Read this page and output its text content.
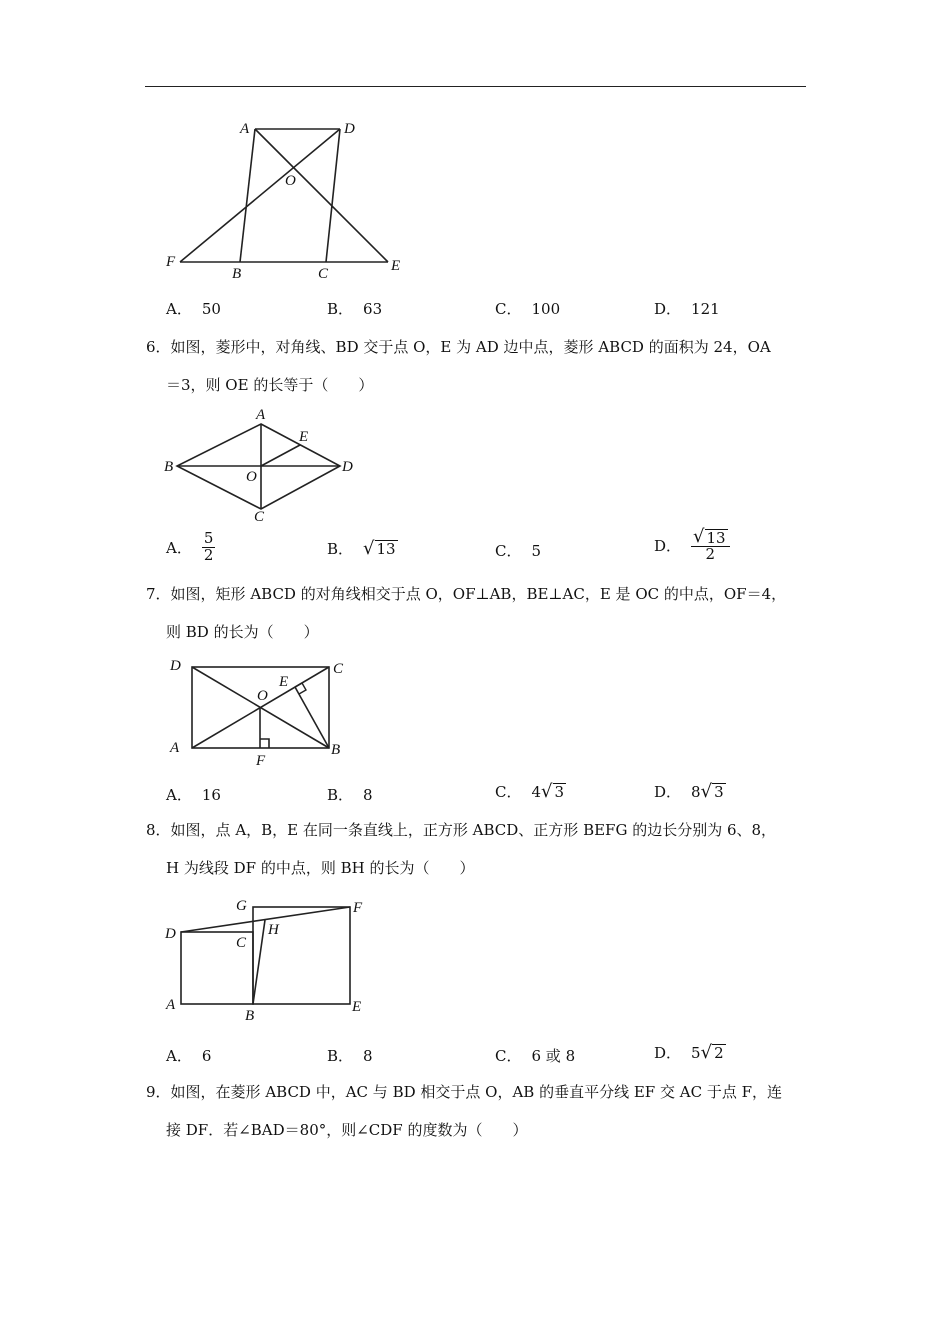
A	D
O
F
B	C	E
A． 50	B． 63	C． 100	D． 121
6．如图，菱形中，对角线、BD 交于点 O，E 为 AD 边中点，菱形 ABCD 的面积为 24，OA
＝3，则 OE 的长等于（　　）
A
E
B
O
D
C
A． $\frac{5}{2}$	B． √ 13	C． 5	D． $\frac{√ 13}{2}$
7．如图，矩形 ABCD 的对角线相交于点 O，OF⊥AB，BE⊥AC，E 是 OC 的中点，OF＝4，
则 BD 的长为（　　）
D	C
O
E
A	B
F
A． 16	B． 8	C． 4 √ 3	D． 8 √ 3
8．如图，点 A，B，E 在同一条直线上，正方形 ABCD、正方形 BEFG 的边长分别为 6、8，
H 为线段 DF 的中点，则 BH 的长为（　　）
G	F
D
C
H
A
B
E
A． 6	B． 8	C． 6 或 8	D． 5 √ 2
9．如图，在菱形 ABCD 中，AC 与 BD 相交于点 O，AB 的垂直平分线 EF 交 AC 于点 F，连
接 DF．若∠BAD＝80°，则∠CDF 的度数为（　　）
